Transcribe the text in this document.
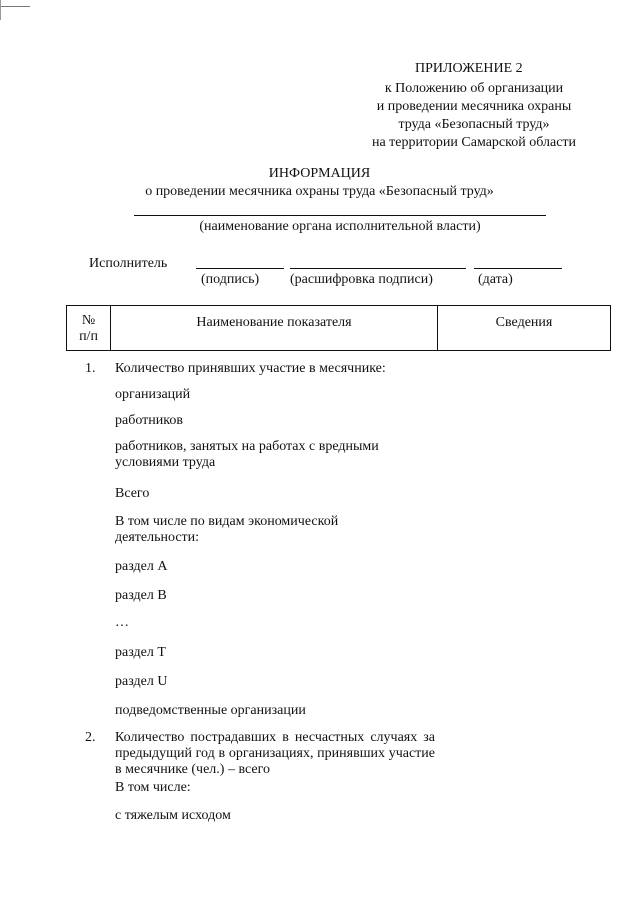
ПРИЛОЖЕНИЕ 2
к Положению об организации
и проведении месячника охраны
труда «Безопасный труд»
на территории Самарской области
ИНФОРМАЦИЯ
о проведении месячника охраны труда «Безопасный труд»
(наименование органа исполнительной власти)
Исполнитель
(подпись) (расшифровка подписи)	(дата)
№
п/п
Наименование показателя	Сведения
1. Количество принявших участие в месячнике:
организаций
работников
работников, занятых на работах с вредными условиями труда
Всего
В том числе по видам экономической деятельности:
раздел А
раздел В
…
раздел Т
раздел U
подведомственные организации
2. Количество пострадавших в несчастных случаях за предыдущий год в организациях, принявших участие в месячнике (чел.) – всего
В том числе:
с тяжелым исходом
